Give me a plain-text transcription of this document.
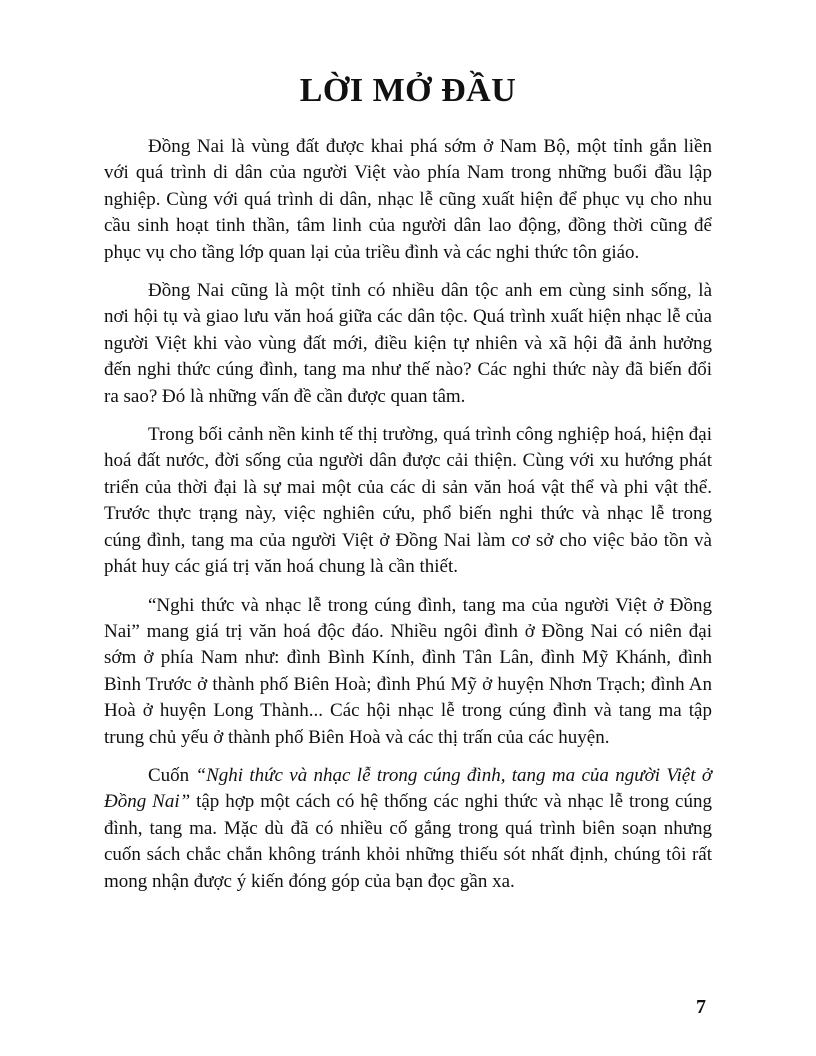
LỜI MỞ ĐẦU

Đồng Nai là vùng đất được khai phá sớm ở Nam Bộ, một tỉnh gắn liền với quá trình di dân của người Việt vào phía Nam trong những buổi đầu lập nghiệp. Cùng với quá trình di dân, nhạc lễ cũng xuất hiện để phục vụ cho nhu cầu sinh hoạt tinh thần, tâm linh của người dân lao động, đồng thời cũng để phục vụ cho tầng lớp quan lại của triều đình và các nghi thức tôn giáo.

Đồng Nai cũng là một tỉnh có nhiều dân tộc anh em cùng sinh sống, là nơi hội tụ và giao lưu văn hoá giữa các dân tộc. Quá trình xuất hiện nhạc lễ của người Việt khi vào vùng đất mới, điều kiện tự nhiên và xã hội đã ảnh hưởng đến nghi thức cúng đình, tang ma như thế nào? Các nghi thức này đã biến đổi ra sao? Đó là những vấn đề cần được quan tâm.

Trong bối cảnh nền kinh tế thị trường, quá trình công nghiệp hoá, hiện đại hoá đất nước, đời sống của người dân được cải thiện. Cùng với xu hướng phát triển của thời đại là sự mai một của các di sản văn hoá vật thể và phi vật thể. Trước thực trạng này, việc nghiên cứu, phổ biến nghi thức và nhạc lễ trong cúng đình, tang ma của người Việt ở Đồng Nai làm cơ sở cho việc bảo tồn và phát huy các giá trị văn hoá chung là cần thiết.

“Nghi thức và nhạc lễ trong cúng đình, tang ma của người Việt ở Đồng Nai” mang giá trị văn hoá độc đáo. Nhiều ngôi đình ở Đồng Nai có niên đại sớm ở phía Nam như: đình Bình Kính, đình Tân Lân, đình Mỹ Khánh, đình Bình Trước ở thành phố Biên Hoà; đình Phú Mỹ ở huyện Nhơn Trạch; đình An Hoà ở huyện Long Thành... Các hội nhạc lễ trong cúng đình và tang ma tập trung chủ yếu ở thành phố Biên Hoà và các thị trấn của các huyện.

Cuốn “Nghi thức và nhạc lễ trong cúng đình, tang ma của người Việt ở Đồng Nai” tập hợp một cách có hệ thống các nghi thức và nhạc lễ trong cúng đình, tang ma. Mặc dù đã có nhiều cố gắng trong quá trình biên soạn nhưng cuốn sách chắc chắn không tránh khỏi những thiếu sót nhất định, chúng tôi rất mong nhận được ý kiến đóng góp của bạn đọc gần xa.

7
